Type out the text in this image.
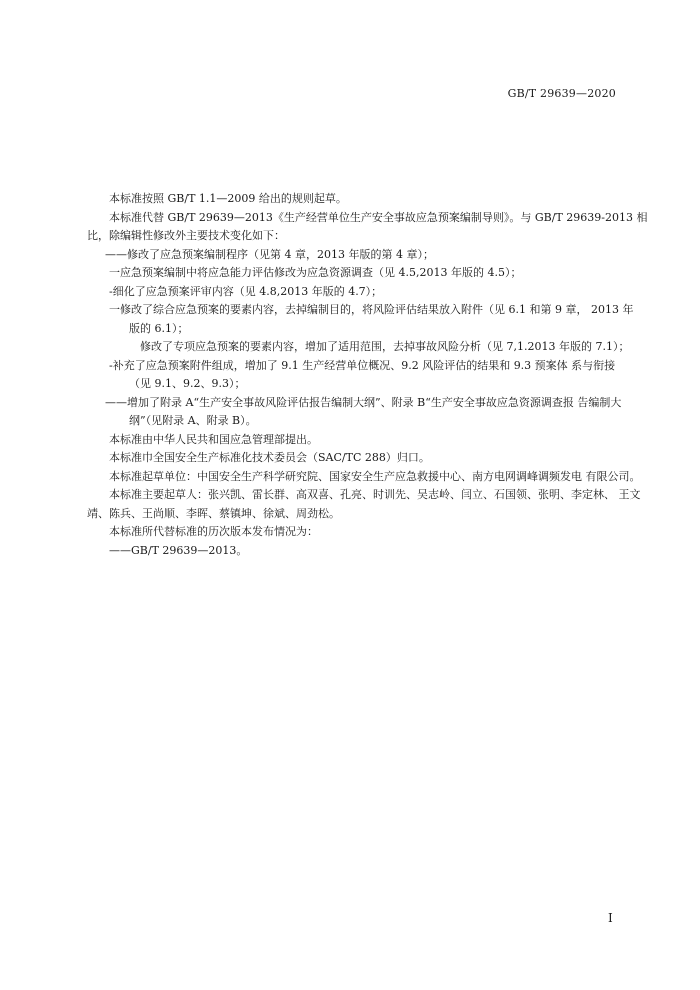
GB/T 29639—2020

本标准按照 GB/T 1.1—2009 给出的规则起草。

本标准代替 GB/T 29639—2013《生产经营单位生产安全事故应急预案编制导则》。与 GB/T 29639-2013 相

比，除编辑性修改外主要技术变化如下：

——修改了应急预案编制程序（见第 4 章，2013 年版的第 4 章）；

一应急预案编制中将应急能力评估修改为应急资源调查（见 4.5,2013 年版的 4.5）；

-细化了应急预案评审内容（见 4.8,2013 年版的 4.7）；

一修改了综合应急预案的要素内容，去掉编制目的，将风险评估结果放入附件（见 6.1 和第 9 章， 2013 年

版的 6.1）；

修改了专项应急预案的要素内容，增加了适用范围，去掉事故风险分析（见 7,1.2013 年版的 7.1）；

-补充了应急预案附件组成，增加了 9.1 生产经营单位概况、9.2 风险评估的结果和 9.3 预案体 系与衔接

（见 9.1、9.2、9.3）；

——增加了附录 A“生产安全事故风险评估报告编制大纲”、附录 B“生产安全事故应急资源调查报 告编制大

纲”（见附录 A、附录 B）。

本标准由中华人民共和国应急管理部提出。

本标准巾全国安全生产标准化技术委员会（SAC/TC 288）归口。

本标准起草单位：中国安全生产科学研究院、国家安全生产应急救援中心、南方电网调峰调频发电 有限公司。

本标准主要起草人：张兴凯、雷长群、高双喜、孔亮、时训先、吴志岭、闫立、石国领、张明、李定林、 王文

靖、陈兵、王尚顺、李晖、蔡镇坤、徐斌、周劲松。

本标准所代替标准的历次版本发布情况为：

——GB/T 29639—2013。

I
